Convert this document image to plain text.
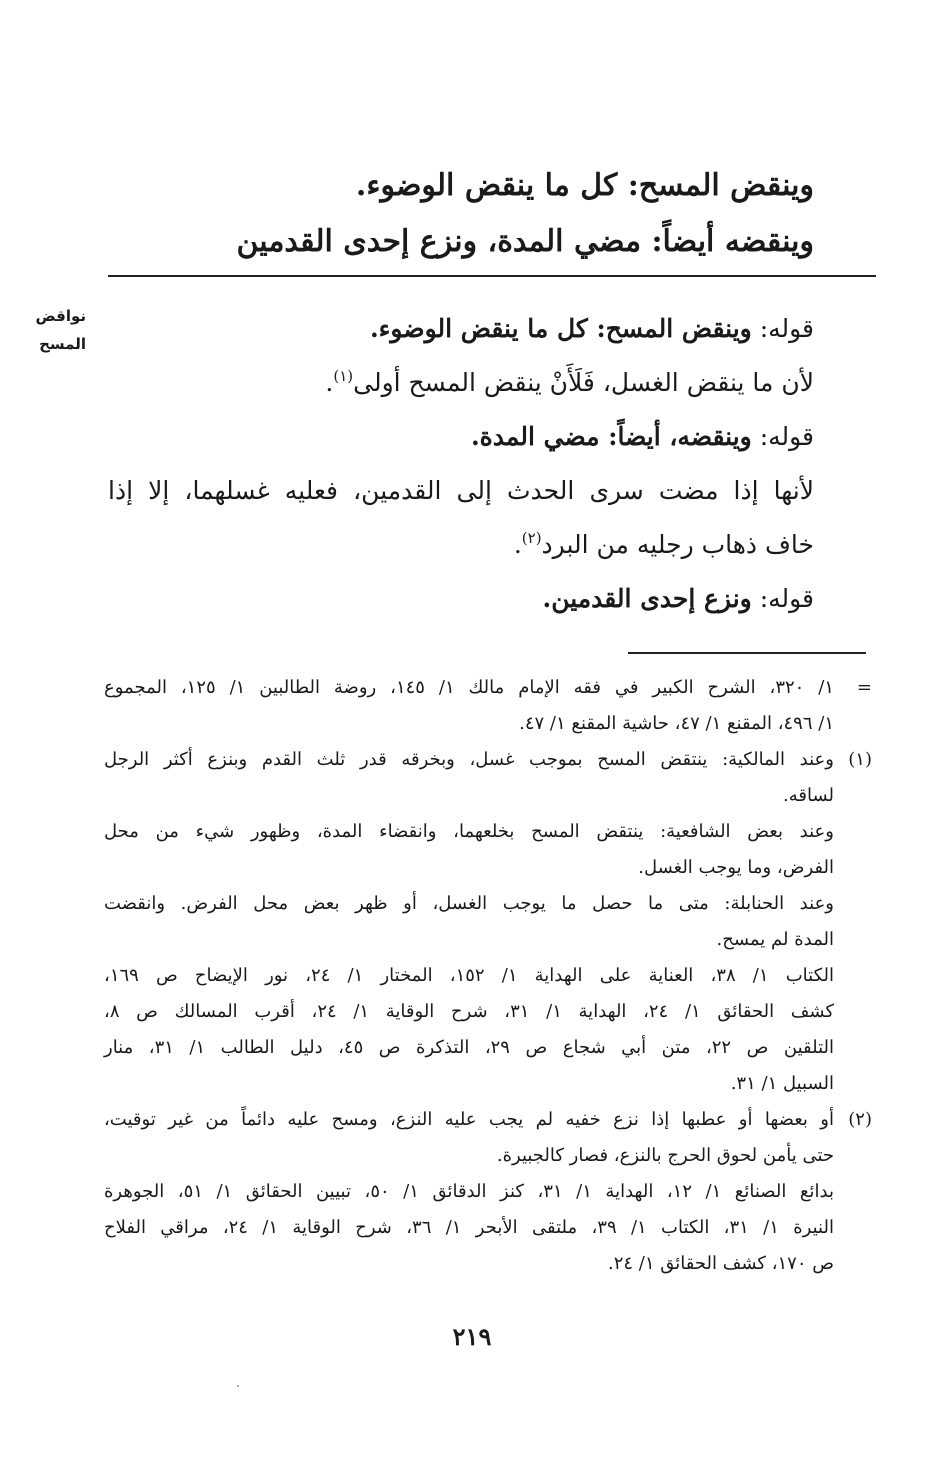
وينقض المسح: كل ما ينقض الوضوء.
وينقضه أيضاً: مضي المدة، ونزع إحدى القدمين
نواقض
المسح
قوله: وينقض المسح: كل ما ينقض الوضوء.
لأن ما ينقض الغسل، فَلَأَنْ ينقض المسح أولى$^{(١)}$.
قوله: وينقضه، أيضاً: مضي المدة.
لأنها إذا مضت سرى الحدث إلى القدمين، فعليه غسلهما، إلا إذا
خاف ذهاب رجليه من البرد$^{(٢)}$.
قوله: ونزع إحدى القدمين.
=
١/ ٣٢٠، الشرح الكبير في فقه الإمام مالك ١/ ١٤٥، روضة الطالبين ١/ ١٢٥، المجموع
١/ ٤٩٦، المقنع ١/ ٤٧، حاشية المقنع ١/ ٤٧.
(١)
وعند المالكية: ينتقض المسح بموجب غسل، وبخرقه قدر ثلث القدم وبنزع أكثر الرجل
لساقه.
وعند بعض الشافعية: ينتقض المسح بخلعهما، وانقضاء المدة، وظهور شيء من محل
الفرض، وما يوجب الغسل.
وعند الحنابلة: متى ما حصل ما يوجب الغسل، أو ظهر بعض محل الفرض. وانقضت
المدة لم يمسح.
الكتاب ١/ ٣٨، العناية على الهداية ١/ ١٥٢، المختار ١/ ٢٤، نور الإيضاح ص ١٦٩،
كشف الحقائق ١/ ٢٤، الهداية ١/ ٣١، شرح الوقاية ١/ ٢٤، أقرب المسالك ص ٨،
التلقين ص ٢٢، متن أبي شجاع ص ٢٩، التذكرة ص ٤٥، دليل الطالب ١/ ٣١، منار
السبيل ١/ ٣١.
(٢)
أو بعضها أو عطبها إذا نزع خفيه لم يجب عليه النزع، ومسح عليه دائماً من غير توقيت،
حتى يأمن لحوق الحرج بالنزع، فصار كالجبيرة.
بدائع الصنائع ١/ ١٢، الهداية ١/ ٣١، كنز الدقائق ١/ ٥٠، تبيين الحقائق ١/ ٥١، الجوهرة
النيرة ١/ ٣١، الكتاب ١/ ٣٩، ملتقى الأبحر ١/ ٣٦، شرح الوقاية ١/ ٢٤، مراقي الفلاح
ص ١٧٠، كشف الحقائق ١/ ٢٤.
٢١٩
